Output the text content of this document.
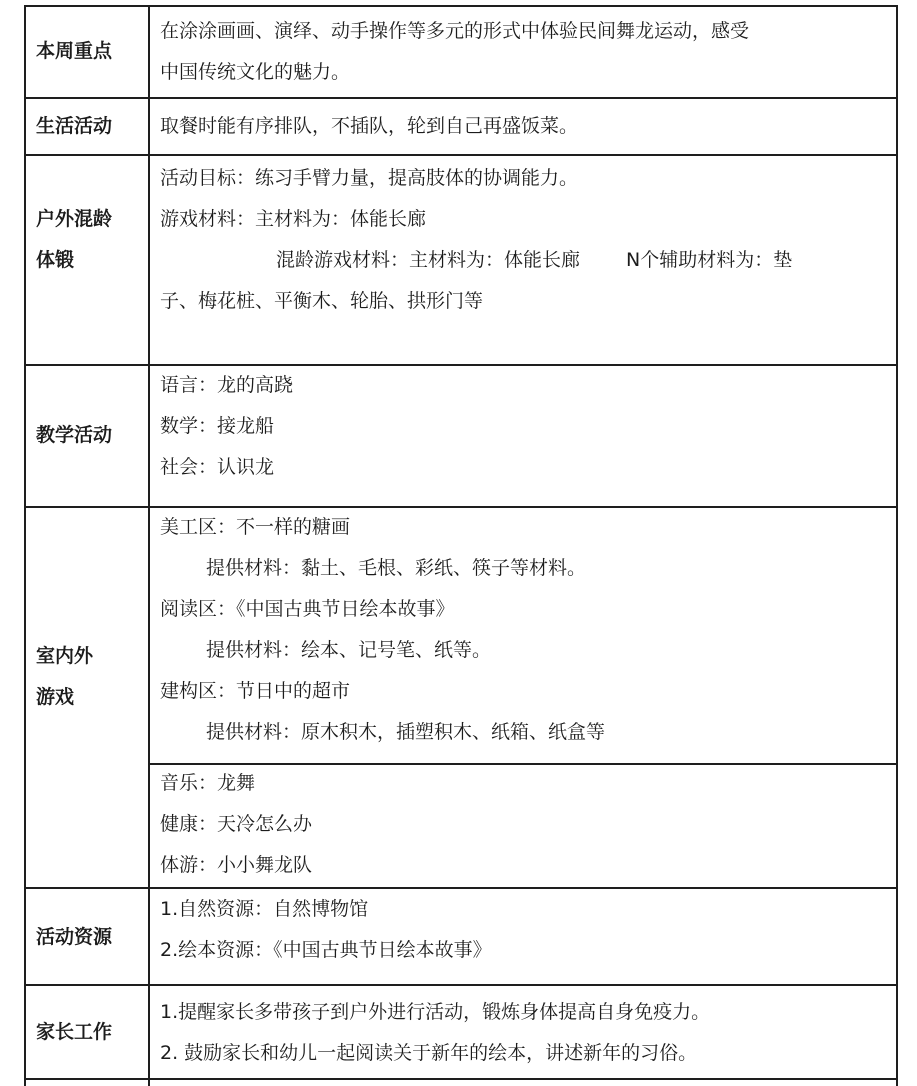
本周重点
在涂涂画画、演绎、动手操作等多元的形式中体验民间舞龙运动，感受
中国传统文化的魅力。
生活活动	取餐时能有序排队，不插队，轮到自己再盛饭菜。
户外混龄
体锻
活动目标：练习手臂力量，提高肢体的协调能力。
游戏材料：主材料为：体能长廊
混龄游戏材料：主材料为：体能长廊 N个辅助材料为：垫
子、梅花桩、平衡木、轮胎、拱形门等
教学活动
语言：龙的高跷
数学：接龙船
社会：认识龙
室内外
游戏
美工区：不一样的糖画
提供材料：黏土、毛根、彩纸、筷子等材料。
阅读区：《中国古典节日绘本故事》
提供材料：绘本、记号笔、纸等。
建构区：节日中的超市
提供材料：原木积木，插塑积木、纸箱、纸盒等
音乐：龙舞
健康：天冷怎么办
体游：小小舞龙队
活动资源
1.自然资源：自然博物馆
2.绘本资源：《中国古典节日绘本故事》
家长工作
1.提醒家长多带孩子到户外进行活动，锻炼身体提高自身免疫力。
2. 鼓励家长和幼儿一起阅读关于新年的绘本，讲述新年的习俗。
